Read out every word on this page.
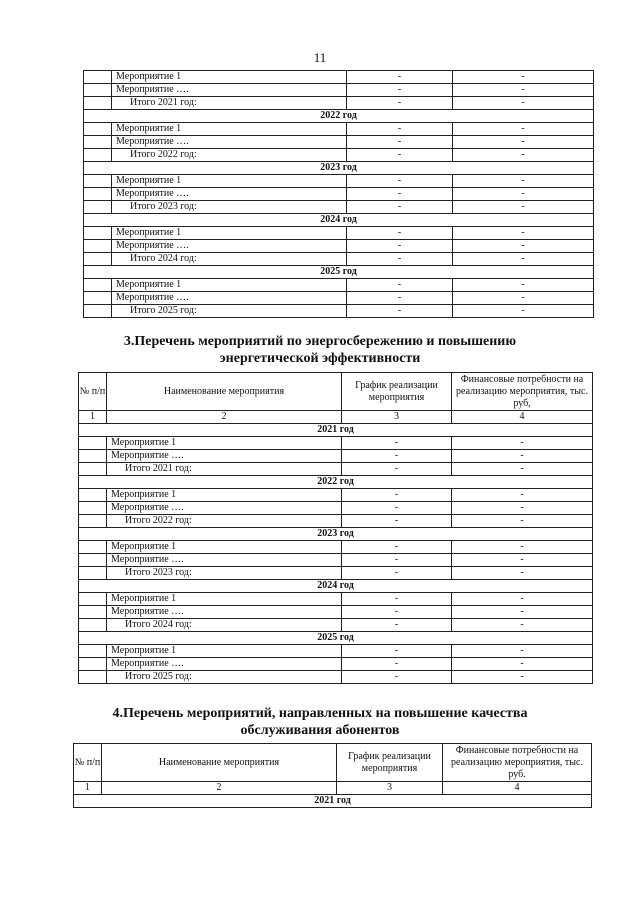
11
	Мероприятие 1	-	-
	Мероприятие ….	-	-
	Итого 2021 год:	-	-
2022 год			
	Мероприятие 1	-	-
	Мероприятие ….	-	-
	Итого 2022 год:	-	-
2023 год			
	Мероприятие 1	-	-
	Мероприятие ….	-	-
	Итого 2023 год:	-	-
2024 год			
	Мероприятие 1	-	-
	Мероприятие ….	-	-
	Итого 2024 год:	-	-
2025 год			
	Мероприятие 1	-	-
	Мероприятие ….	-	-
	Итого 2025 год:	-	-
3.Перечень мероприятий по энергосбережению и повышению
энергетической эффективности
№ п/п	Наименование мероприятия	График реализации мероприятия	Финансовые потребности на реализацию мероприятия, тыс. руб,
1	2	3	4
2021 год			
	Мероприятие 1	-	-
	Мероприятие ….	-	-
	Итого 2021 год:	-	-
2022 год			
	Мероприятие 1	-	-
	Мероприятие ….	-	-
	Итого 2022 год:	-	-
2023 год			
	Мероприятие 1	-	-
	Мероприятие ….	-	-
	Итого 2023 год:	-	-
2024 год			
	Мероприятие 1	-	-
	Мероприятие ….	-	-
	Итого 2024 год:	-	-
2025 год			
	Мероприятие 1	-	-
	Мероприятие ….	-	-
	Итого 2025 год:	-	-
4.Перечень мероприятий, направленных на повышение качества
обслуживания абонентов
№ п/п	Наименование мероприятия	График реализации мероприятия	Финансовые потребности на реализацию мероприятия, тыс. руб.
1	2	3	4
2021 год			
